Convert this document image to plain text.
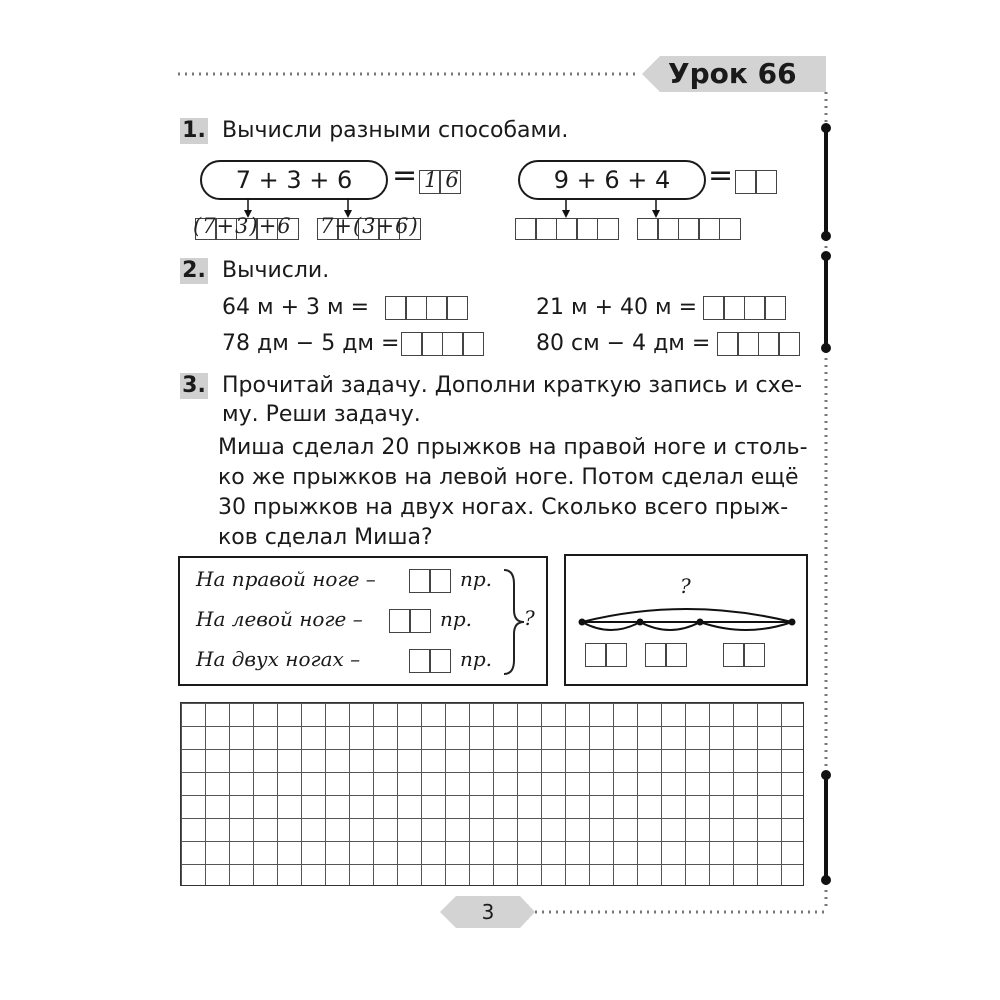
Урок 66
1. Вычисли разными способами.
7 + 3 + 6	= 16
(7+3)+6 7+(3+6)
9 + 6 + 4	=
2. Вычисли.
64 м + 3 м =
78 дм − 5 дм =
21 м + 40 м =
80 см − 4 дм =
3. Прочитай задачу. Дополни краткую запись и схе-
му. Реши задачу.
Миша сделал 20 прыжков на правой ноге и столь-
ко же прыжков на левой ноге. Потом сделал ещё
30 прыжков на двух ногах. Сколько всего прыж-
ков сделал Миша?
На правой ноге –	пр.
На левой ноге –	пр.
На двух ногах –	пр.
?
?
3
